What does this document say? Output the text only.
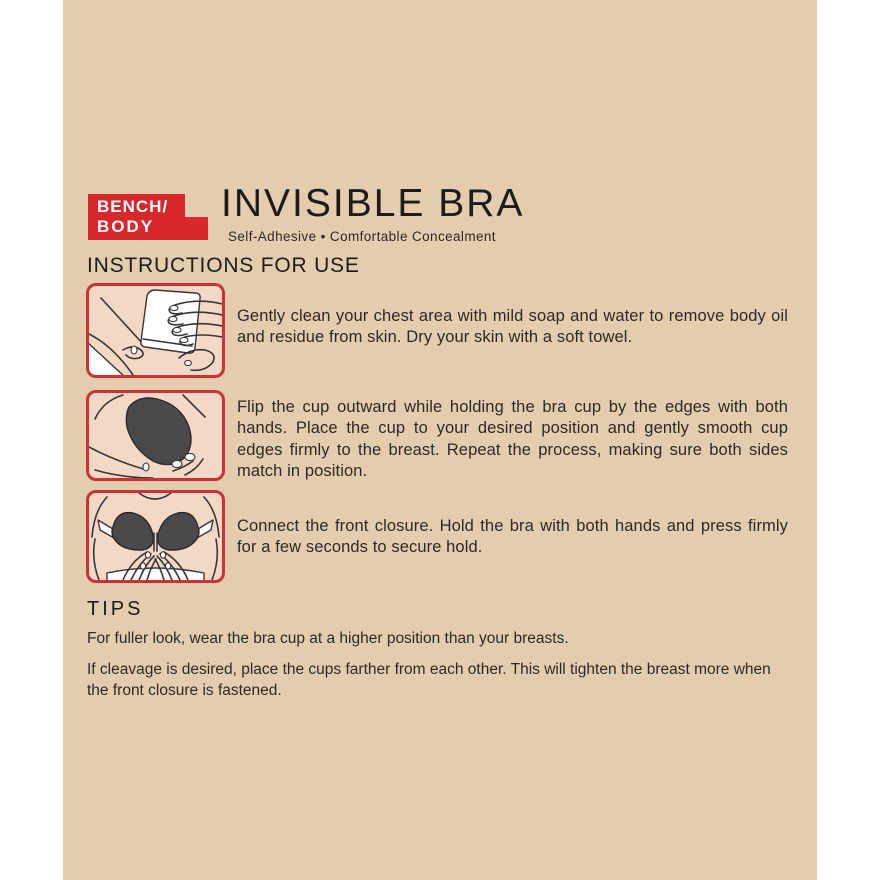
BENCH/
BODY
INVISIBLE BRA
Self-Adhesive • Comfortable Concealment
INSTRUCTIONS FOR USE
Gently clean your chest area with mild soap and water to remove body oil and residue from skin. Dry your skin with a soft towel.
Flip the cup outward while holding the bra cup by the edges with both hands. Place the cup to your desired position and gently smooth cup edges firmly to the breast. Repeat the process, making sure both sides match in position.
Connect the front closure. Hold the bra with both hands and press firmly for a few seconds to secure hold.
TIPS
For fuller look, wear the bra cup at a higher position than your breasts.
If cleavage is desired, place the cups farther from each other. This will tighten the breast more when the front closure is fastened.
